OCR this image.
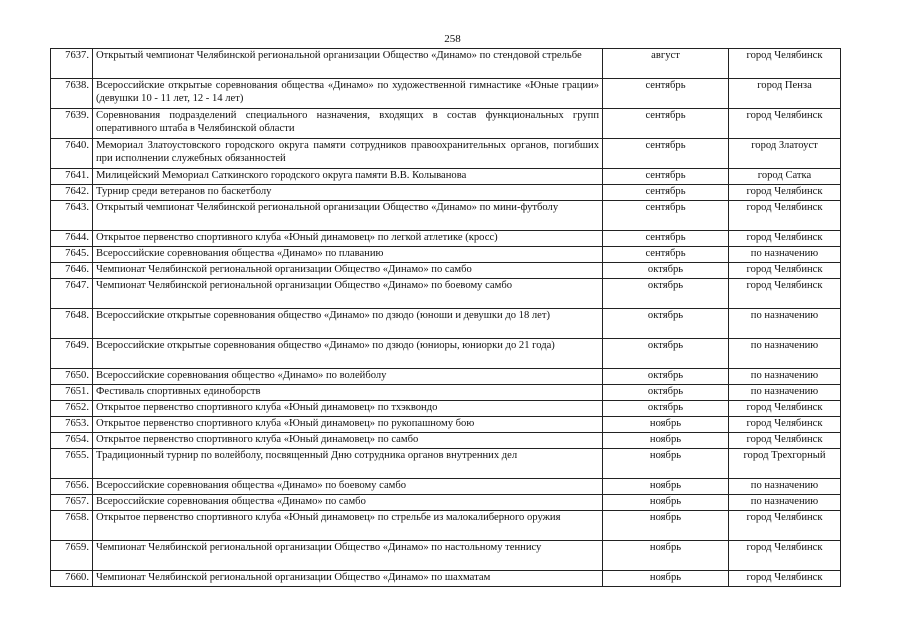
258
7637.	Открытый чемпионат Челябинской региональной организации Общество «Динамо» по стендовой стрельбе	август	город Челябинск
7638.	Всероссийские открытые соревнования общества «Динамо» по художественной гимнастике «Юные грации» (девушки 10 - 11 лет, 12 - 14 лет)	сентябрь	город Пенза
7639.	Соревнования подразделений специального назначения, входящих в состав функциональных групп оперативного штаба в Челябинской области	сентябрь	город Челябинск
7640.	Мемориал Златоустовского городского округа памяти сотрудников правоохранительных органов, погибших при исполнении служебных обязанностей	сентябрь	город Златоуст
7641.	Милицейский Мемориал Саткинского городского округа памяти В.В. Колыванова	сентябрь	город Сатка
7642.	Турнир среди ветеранов по баскетболу	сентябрь	город Челябинск
7643.	Открытый чемпионат Челябинской региональной организации Общество «Динамо» по мини-футболу	сентябрь	город Челябинск
7644.	Открытое первенство спортивного клуба «Юный динамовец» по легкой атлетике (кросс)	сентябрь	город Челябинск
7645.	Всероссийские соревнования общества «Динамо» по плаванию	сентябрь	по назначению
7646.	Чемпионат Челябинской региональной организации Общество «Динамо» по самбо	октябрь	город Челябинск
7647.	Чемпионат Челябинской региональной организации Общество «Динамо» по боевому самбо	октябрь	город Челябинск
7648.	Всероссийские открытые соревнования общество «Динамо» по дзюдо (юноши и девушки до 18 лет)	октябрь	по назначению
7649.	Всероссийские открытые соревнования общество «Динамо» по дзюдо (юниоры, юниорки до 21 года)	октябрь	по назначению
7650.	Всероссийские соревнования общество «Динамо» по волейболу	октябрь	по назначению
7651.	Фестиваль спортивных единоборств	октябрь	по назначению
7652.	Открытое первенство спортивного клуба «Юный динамовец» по тхэквондо	октябрь	город Челябинск
7653.	Открытое первенство спортивного клуба «Юный динамовец» по рукопашному бою	ноябрь	город Челябинск
7654.	Открытое первенство спортивного клуба «Юный динамовец» по самбо	ноябрь	город Челябинск
7655.	Традиционный турнир по волейболу, посвященный Дню сотрудника органов внутренних дел	ноябрь	город Трехгорный
7656.	Всероссийские соревнования общества «Динамо» по боевому самбо	ноябрь	по назначению
7657.	Всероссийские соревнования общества «Динамо» по самбо	ноябрь	по назначению
7658.	Открытое первенство спортивного клуба «Юный динамовец» по стрельбе из малокалиберного оружия	ноябрь	город Челябинск
7659.	Чемпионат Челябинской региональной организации Общество «Динамо» по настольному теннису	ноябрь	город Челябинск
7660.	Чемпионат Челябинской региональной организации Общество «Динамо» по шахматам	ноябрь	город Челябинск
